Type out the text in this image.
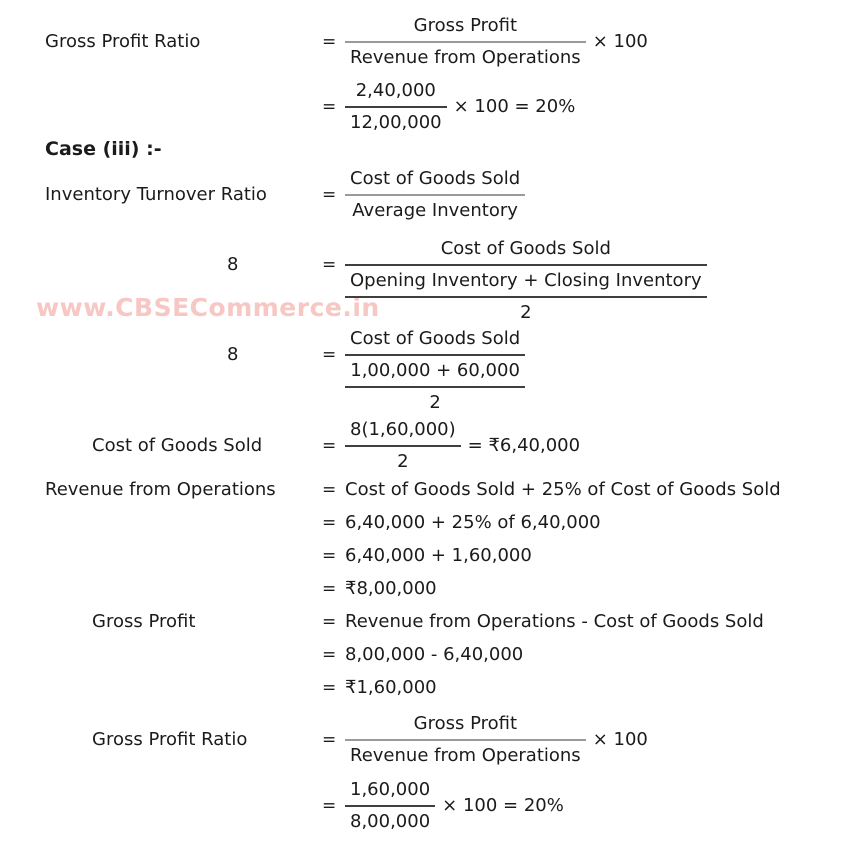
www.CBSECommerce.in
Gross Profit Ratio	= $\frac{\text{Gross Profit}}{\text{Revenue from Operations}} \times 100$
= $\frac{2,40,000}{12,00,000} \times 100 = 20\%$
Case (iii) :-
Inventory Turnover Ratio	= $\frac{\text{Cost of Goods Sold}}{\text{Average Inventory}}$
8	=
Cost of Goods Sold
Opening Inventory + Closing Inventory
2
8	=
Cost of Goods Sold
1,00,000 + 60,000
2
Cost of Goods Sold	= $\frac{8(1,60,000)}{2}$ = ₹6,40,000
Revenue from Operations	= Cost of Goods Sold + 25% of Cost of Goods Sold
= 6,40,000 + 25% of 6,40,000
= 6,40,000 + 1,60,000
= ₹8,00,000
Gross Profit	= Revenue from Operations - Cost of Goods Sold
= 8,00,000 - 6,40,000
= ₹1,60,000
Gross Profit Ratio	= $\frac{\text{Gross Profit}}{\text{Revenue from Operations}} \times 100$
= $\frac{1,60,000}{8,00,000} \times 100 = 20\%$
